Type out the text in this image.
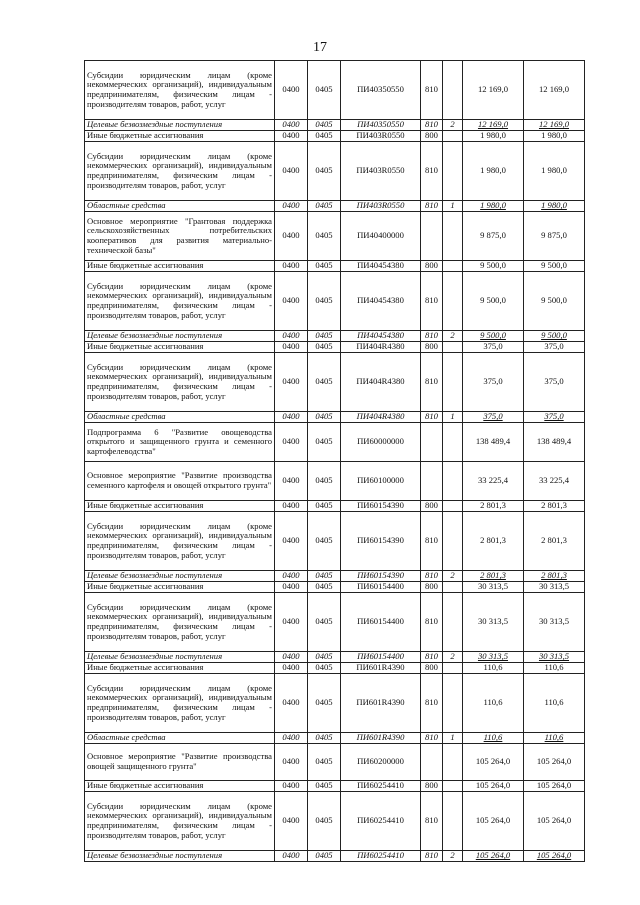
17
Субсидии юридическим лицам (кроме некоммерческих организаций), индивидуальным предпринимателям, физическим лицам - производителям товаров, работ, услуг	0400	0405	ПИ40350550	810		12 169,0	12 169,0
Целевые безвозмездные поступления	0400	0405	ПИ40350550	810	2	12 169,0	12 169,0
Иные бюджетные ассигнования	0400	0405	ПИ403R0550	800		1 980,0	1 980,0
Субсидии юридическим лицам (кроме некоммерческих организаций), индивидуальным предпринимателям, физическим лицам - производителям товаров, работ, услуг	0400	0405	ПИ403R0550	810		1 980,0	1 980,0
Областные средства	0400	0405	ПИ403R0550	810	1	1 980,0	1 980,0
Основное мероприятие "Грантовая поддержка сельскохозяйственных потребительских кооперативов для развития материально-технической базы"	0400	0405	ПИ40400000			9 875,0	9 875,0
Иные бюджетные ассигнования	0400	0405	ПИ40454380	800		9 500,0	9 500,0
Субсидии юридическим лицам (кроме некоммерческих организаций), индивидуальным предпринимателям, физическим лицам - производителям товаров, работ, услуг	0400	0405	ПИ40454380	810		9 500,0	9 500,0
Целевые безвозмездные поступления	0400	0405	ПИ40454380	810	2	9 500,0	9 500,0
Иные бюджетные ассигнования	0400	0405	ПИ404R4380	800		375,0	375,0
Субсидии юридическим лицам (кроме некоммерческих организаций), индивидуальным предпринимателям, физическим лицам - производителям товаров, работ, услуг	0400	0405	ПИ404R4380	810		375,0	375,0
Областные средства	0400	0405	ПИ404R4380	810	1	375,0	375,0
Подпрограмма 6 "Развитие овощеводства открытого и защищенного грунта и семенного картофелеводства"	0400	0405	ПИ60000000			138 489,4	138 489,4
Основное мероприятие "Развитие производства семенного картофеля и овощей открытого грунта"	0400	0405	ПИ60100000			33 225,4	33 225,4
Иные бюджетные ассигнования	0400	0405	ПИ60154390	800		2 801,3	2 801,3
Субсидии юридическим лицам (кроме некоммерческих организаций), индивидуальным предпринимателям, физическим лицам - производителям товаров, работ, услуг	0400	0405	ПИ60154390	810		2 801,3	2 801,3
Целевые безвозмездные поступления	0400	0405	ПИ60154390	810	2	2 801,3	2 801,3
Иные бюджетные ассигнования	0400	0405	ПИ60154400	800		30 313,5	30 313,5
Субсидии юридическим лицам (кроме некоммерческих организаций), индивидуальным предпринимателям, физическим лицам - производителям товаров, работ, услуг	0400	0405	ПИ60154400	810		30 313,5	30 313,5
Целевые безвозмездные поступления	0400	0405	ПИ60154400	810	2	30 313,5	30 313,5
Иные бюджетные ассигнования	0400	0405	ПИ601R4390	800		110,6	110,6
Субсидии юридическим лицам (кроме некоммерческих организаций), индивидуальным предпринимателям, физическим лицам - производителям товаров, работ, услуг	0400	0405	ПИ601R4390	810		110,6	110,6
Областные средства	0400	0405	ПИ601R4390	810	1	110,6	110,6
Основное мероприятие "Развитие производства овощей защищенного грунта"	0400	0405	ПИ60200000			105 264,0	105 264,0
Иные бюджетные ассигнования	0400	0405	ПИ60254410	800		105 264,0	105 264,0
Субсидии юридическим лицам (кроме некоммерческих организаций), индивидуальным предпринимателям, физическим лицам - производителям товаров, работ, услуг	0400	0405	ПИ60254410	810		105 264,0	105 264,0
Целевые безвозмездные поступления	0400	0405	ПИ60254410	810	2	105 264,0	105 264,0
